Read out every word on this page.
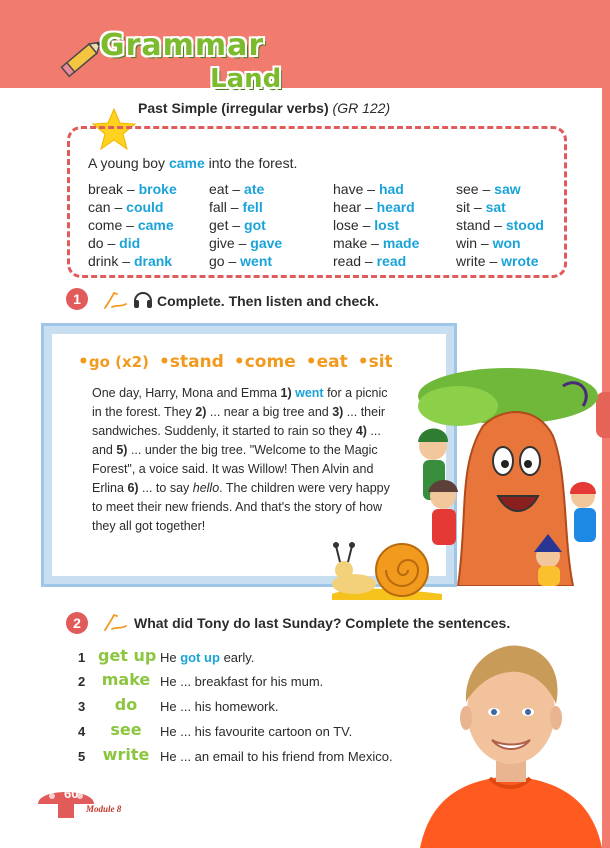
Grammar
Land
Past Simple (irregular verbs) (GR 122)
A young boy came into the forest.
break – broke	eat – ate	have – had	see – saw
can – could	fall – fell	hear – heard	sit – sat
come – came	get – got	lose – lost	stand – stood
do – did	give – gave	make – made	win – won
drink – drank	go – went	read – read	write – wrote
1	Complete. Then listen and check.
•go (x2) •stand •come •eat •sit
One day, Harry, Mona and Emma 1) went for a picnic in the forest. They 2) ... near a big tree and 3) ... their sandwiches. Suddenly, it started to rain so they 4) ... and 5) ... under the big tree. "Welcome to the Magic Forest", a voice said. It was Willow! Then Alvin and Erlina 6) ... to say hello. The children were very happy to meet their new friends. And that's the story of how they all got together!
2	What did Tony do last Sunday? Complete the sentences.
1 get up He got up early.
2	make He ... breakfast for his mum.
3	do	He ... his homework.
4	see	He ... his favourite cartoon on TV.
5	write He ... an email to his friend from Mexico.
60
Module 8
